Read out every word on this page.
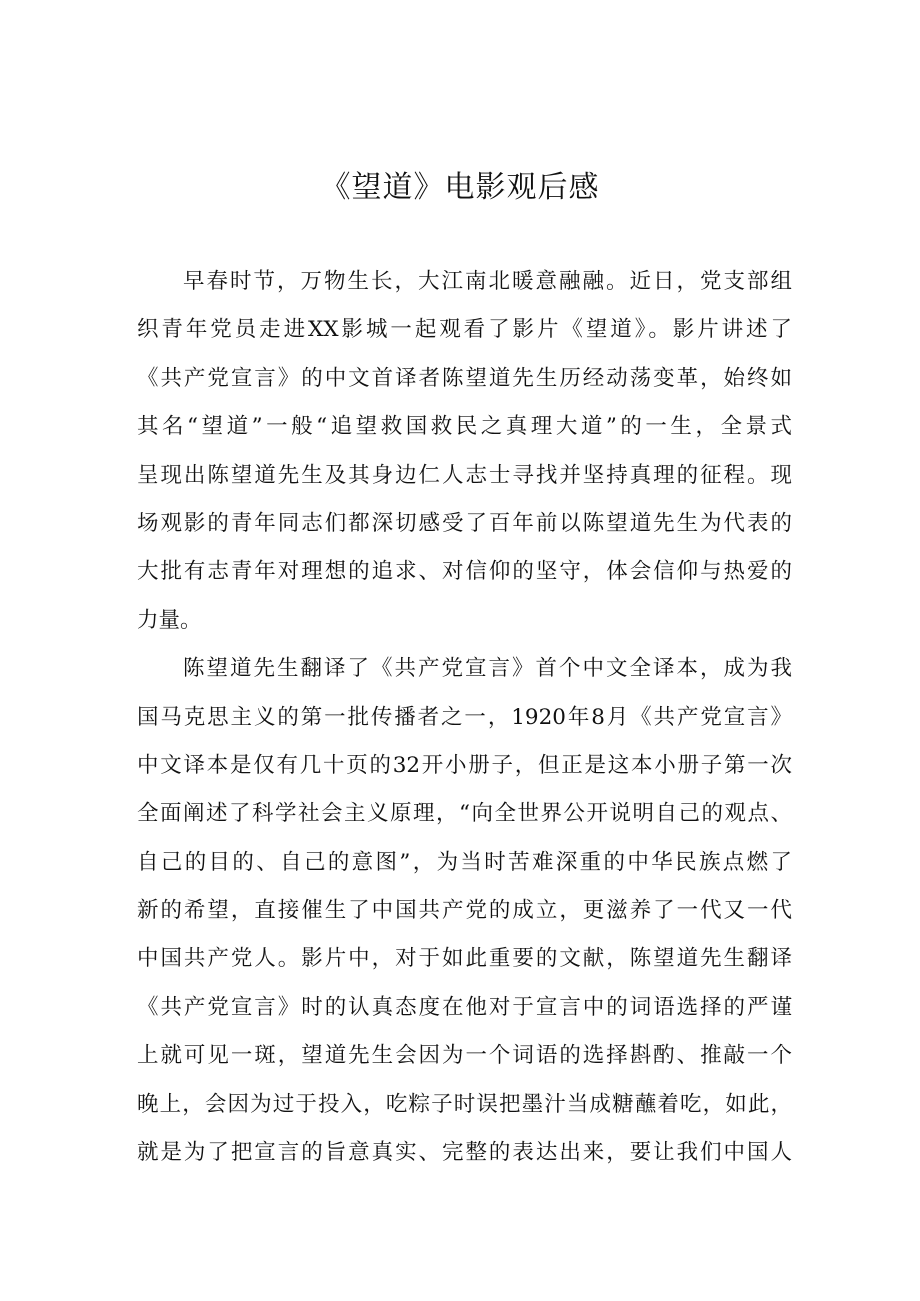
《望道》电影观后感
早春时节，万物生长，大江南北暖意融融。近日，党支部组
织青年党员走进XX影城一起观看了影片《望道》。影片讲述了
《共产党宣言》的中文首译者陈望道先生历经动荡变革，始终如
其名“望道”一般“追望救国救民之真理大道”的一生，全景式
呈现出陈望道先生及其身边仁人志士寻找并坚持真理的征程。现
场观影的青年同志们都深切感受了百年前以陈望道先生为代表的
大批有志青年对理想的追求、对信仰的坚守，体会信仰与热爱的
力量。
陈望道先生翻译了《共产党宣言》首个中文全译本，成为我
国马克思主义的第一批传播者之一，1920年8月《共产党宣言》
中文译本是仅有几十页的32开小册子，但正是这本小册子第一次
全面阐述了科学社会主义原理，“向全世界公开说明自己的观点、
自己的目的、自己的意图”，为当时苦难深重的中华民族点燃了
新的希望，直接催生了中国共产党的成立，更滋养了一代又一代
中国共产党人。影片中，对于如此重要的文献，陈望道先生翻译
《共产党宣言》时的认真态度在他对于宣言中的词语选择的严谨
上就可见一斑，望道先生会因为一个词语的选择斟酌、推敲一个
晚上，会因为过于投入，吃粽子时误把墨汁当成糖蘸着吃，如此，
就是为了把宣言的旨意真实、完整的表达出来，要让我们中国人
